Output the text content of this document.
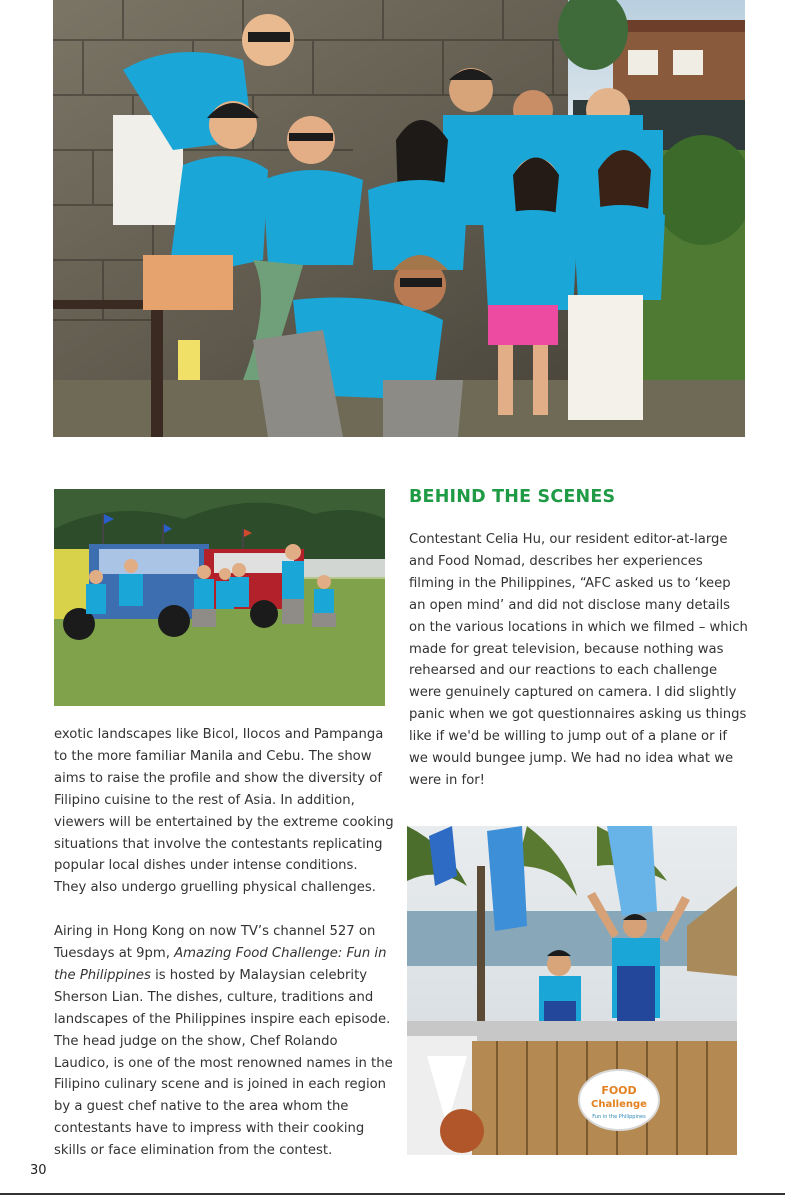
BEHIND THE SCENES

Contestant Celia Hu, our resident editor-at-large and Food Nomad, describes her experiences filming in the Philippines, “AFC asked us to ‘keep an open mind’ and did not disclose many details on the various locations in which we filmed – which made for great television, because nothing was rehearsed and our reactions to each challenge were genuinely captured on camera. I did slightly panic when we got questionnaires asking us things like if we'd be willing to jump out of a plane or if we would bungee jump. We had no idea what we were in for!

exotic landscapes like Bicol, Ilocos and Pampanga to the more familiar Manila and Cebu. The show aims to raise the profile and show the diversity of Filipino cuisine to the rest of Asia. In addition, viewers will be entertained by the extreme cooking situations that involve the contestants replicating popular local dishes under intense conditions. They also undergo gruelling physical challenges.

Airing in Hong Kong on now TV’s channel 527 on Tuesdays at 9pm, Amazing Food Challenge: Fun in the Philippines is hosted by Malaysian celebrity Sherson Lian. The dishes, culture, traditions and landscapes of the Philippines inspire each episode. The head judge on the show, Chef Rolando Laudico, is one of the most renowned names in the Filipino culinary scene and is joined in each region by a guest chef native to the area whom the contestants have to impress with their cooking skills or face elimination from the contest.

FOOD
Challenge
Fun in the Philippines
30
